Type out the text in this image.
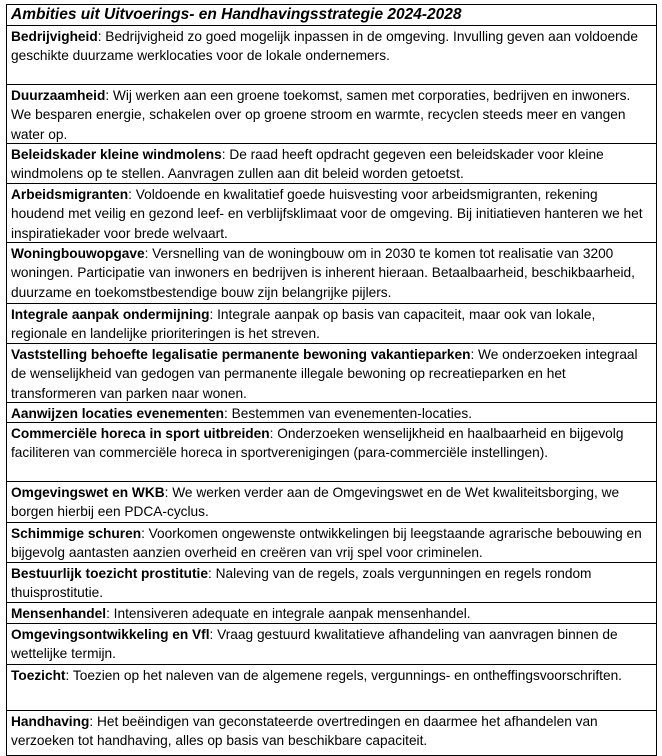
Ambities uit Uitvoerings- en Handhavingsstrategie 2024-2028
Bedrijvigheid: Bedrijvigheid zo goed mogelijk inpassen in de omgeving. Invulling geven aan voldoende geschikte duurzame werklocaties voor de lokale ondernemers.
Duurzaamheid: Wij werken aan een groene toekomst, samen met corporaties, bedrijven en inwoners. We besparen energie, schakelen over op groene stroom en warmte, recyclen steeds meer en vangen water op.
Beleidskader kleine windmolens: De raad heeft opdracht gegeven een beleidskader voor kleine windmolens op te stellen. Aanvragen zullen aan dit beleid worden getoetst.
Arbeidsmigranten: Voldoende en kwalitatief goede huisvesting voor arbeidsmigranten, rekening houdend met veilig en gezond leef- en verblijfsklimaat voor de omgeving. Bij initiatieven hanteren we het inspiratiekader voor brede welvaart.
Woningbouwopgave: Versnelling van de woningbouw om in 2030 te komen tot realisatie van 3200 woningen. Participatie van inwoners en bedrijven is inherent hieraan. Betaalbaarheid, beschikbaarheid, duurzame en toekomstbestendige bouw zijn belangrijke pijlers.
Integrale aanpak ondermijning: Integrale aanpak op basis van capaciteit, maar ook van lokale, regionale en landelijke prioriteringen is het streven.
Vaststelling behoefte legalisatie permanente bewoning vakantieparken: We onderzoeken integraal de wenselijkheid van gedogen van permanente illegale bewoning op recreatieparken en het transformeren van parken naar wonen.
Aanwijzen locaties evenementen: Bestemmen van evenementen-locaties.
Commerciële horeca in sport uitbreiden: Onderzoeken wenselijkheid en haalbaarheid en bijgevolg faciliteren van commerciële horeca in sportverenigingen (para-commerciële instellingen).
Omgevingswet en WKB: We werken verder aan de Omgevingswet en de Wet kwaliteitsborging, we borgen hierbij een PDCA-cyclus.
Schimmige schuren: Voorkomen ongewenste ontwikkelingen bij leegstaande agrarische bebouwing en bijgevolg aantasten aanzien overheid en creëren van vrij spel voor criminelen.
Bestuurlijk toezicht prostitutie: Naleving van de regels, zoals vergunningen en regels rondom thuisprostitutie.
Mensenhandel: Intensiveren adequate en integrale aanpak mensenhandel.
Omgevingsontwikkeling en Vfl: Vraag gestuurd kwalitatieve afhandeling van aanvragen binnen de wettelijke termijn.
Toezicht: Toezien op het naleven van de algemene regels, vergunnings- en ontheffingsvoorschriften.
Handhaving: Het beëindigen van geconstateerde overtredingen en daarmee het afhandelen van verzoeken tot handhaving, alles op basis van beschikbare capaciteit.
